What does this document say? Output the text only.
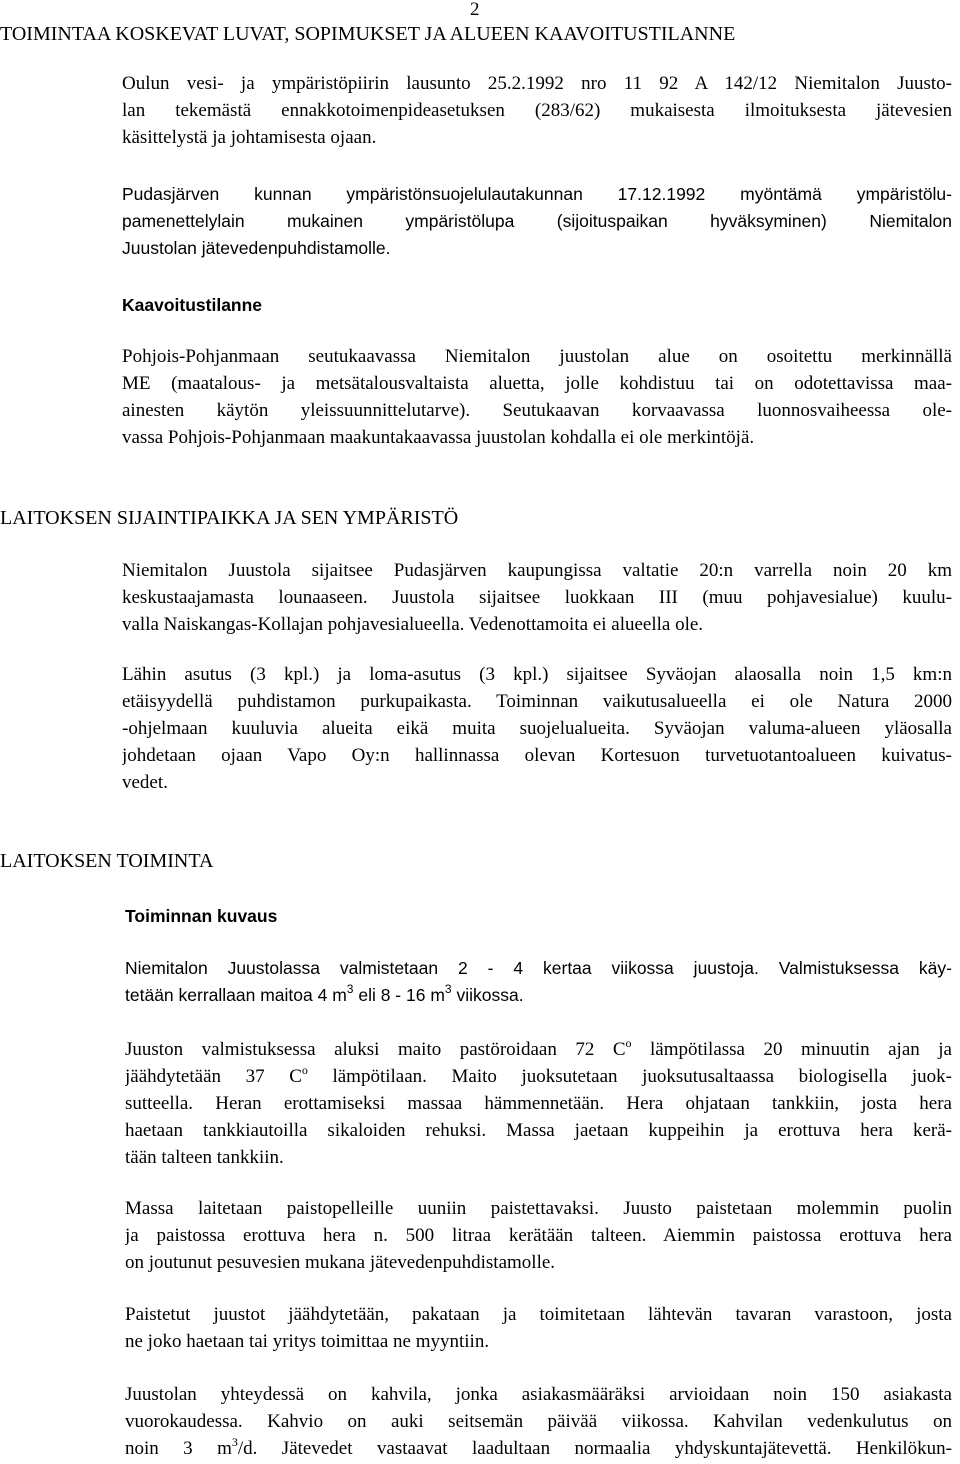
2
TOIMINTAA KOSKEVAT LUVAT, SOPIMUKSET JA ALUEEN KAAVOITUSTILANNE
Oulun vesi- ja ympäristöpiirin lausunto 25.2.1992 nro 11 92 A 142/12 Niemitalon Juusto-
lan tekemästä ennakkotoimenpideasetuksen (283/62) mukaisesta ilmoituksesta jätevesien
käsittelystä ja johtamisesta ojaan.
Pudasjärven kunnan ympäristönsuojelulautakunnan 17.12.1992 myöntämä ympäristölu-
pamenettelylain mukainen ympäristölupa (sijoituspaikan hyväksyminen) Niemitalon
Juustolan jätevedenpuhdistamolle.
Kaavoitustilanne
Pohjois-Pohjanmaan seutukaavassa Niemitalon juustolan alue on osoitettu merkinnällä
ME (maatalous- ja metsätalousvaltaista aluetta, jolle kohdistuu tai on odotettavissa maa-
ainesten käytön yleissuunnittelutarve). Seutukaavan korvaavassa luonnosvaiheessa ole-
vassa Pohjois-Pohjanmaan maakuntakaavassa juustolan kohdalla ei ole merkintöjä.
LAITOKSEN SIJAINTIPAIKKA JA SEN YMPÄRISTÖ
Niemitalon Juustola sijaitsee Pudasjärven kaupungissa valtatie 20:n varrella noin 20 km
keskustaajamasta lounaaseen. Juustola sijaitsee luokkaan III (muu pohjavesialue) kuulu-
valla Naiskangas-Kollajan pohjavesialueella. Vedenottamoita ei alueella ole.
Lähin asutus (3 kpl.) ja loma-asutus (3 kpl.) sijaitsee Syväojan alaosalla noin 1,5 km:n
etäisyydellä puhdistamon purkupaikasta. Toiminnan vaikutusalueella ei ole Natura 2000
-ohjelmaan kuuluvia alueita eikä muita suojelualueita. Syväojan valuma-alueen yläosalla
johdetaan ojaan Vapo Oy:n hallinnassa olevan Kortesuon turvetuotantoalueen kuivatus-
vedet.
LAITOKSEN TOIMINTA
Toiminnan kuvaus
Niemitalon Juustolassa valmistetaan 2 - 4 kertaa viikossa juustoja. Valmistuksessa käy-
tetään kerrallaan maitoa 4 $m^3$ eli 8 - 16 $m^3$ viikossa.
Juuston valmistuksessa aluksi maito pastöroidaan 72 $C^o$ lämpötilassa 20 minuutin ajan ja
jäähdytetään 37 $C^o$ lämpötilaan. Maito juoksutetaan juoksutusaltaassa biologisella juok-
sutteella. Heran erottamiseksi massaa hämmennetään. Hera ohjataan tankkiin, josta hera
haetaan tankkiautoilla sikaloiden rehuksi. Massa jaetaan kuppeihin ja erottuva hera kerä-
tään talteen tankkiin.
Massa laitetaan paistopelleille uuniin paistettavaksi. Juusto paistetaan molemmin puolin
ja paistossa erottuva hera n. 500 litraa kerätään talteen. Aiemmin paistossa erottuva hera
on joutunut pesuvesien mukana jätevedenpuhdistamolle.
Paistetut juustot jäähdytetään, pakataan ja toimitetaan lähtevän tavaran varastoon, josta
ne joko haetaan tai yritys toimittaa ne myyntiin.
Juustolan yhteydessä on kahvila, jonka asiakasmääräksi arvioidaan noin 150 asiakasta
vuorokaudessa. Kahvio on auki seitsemän päivää viikossa. Kahvilan vedenkulutus on
noin 3 $m^3/d$. Jätevedet vastaavat laadultaan normaalia yhdyskuntajätevettä. Henkilökun-
